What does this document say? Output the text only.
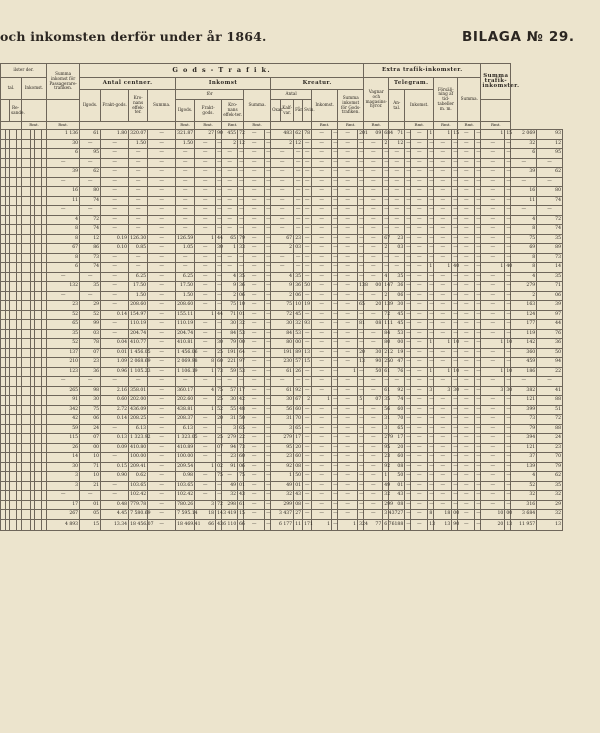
och inkomsten derför under år 1864.	BILAGA № 29.
ilster der.								Summa inkomst för Passagerare-trafiken.	G o d s - T r a f i k.																			Extra trafik-inkomster.										Summa trafik-inkomster.			
tal.				Inkomst.					Antal centner.				Inkomst							Kreatur.								Vagnar och magasins-hyror.		Telegram.				Försälj-ning af tid-tabeller m. m.		Summa.					
									Ilgods.	Frakt-gods.	Kro-nans effek-ter.	Summa.	för					Summa.		Antal				Inkomst.		Summa inkomst för Gods-trafiken.				An-tal.	Inkomst.										
		Re-sande.											Ilgods.	Frakt-gods.		Kro-nans effek-ter.				Oxar.	Kalf-var.	Får.	Svin.																		
				Rmt.				Rmt.					Rmt.	Rmt.		Rmt.		Rmt.						Rmt.		Rmt.		Rmt.			Rmt.			Rmt.		Rmt.		Rmt.			
								1 136	61	1.80	320.07	—	321.87	27	90	455	72	—	—	483		62	78	—	—	—	201	09	684	71	—	—	1	1	15	—	—	1	15	2 069	93
								30	—	—	1.50	—	1.50	—	—	2	12	—	—	2		12	—	—	—	—	—	—	2	12	—	—	—	—	—	—	—	—	—	32	12
								6	95	—	—	—	—	—	—	—	—	—	—	—		—	—	—	—	—	—	—	—	—	—	—	—	—	—	—	—	—	—	6	95
								—	—	—	—	—	—	—	—	—	—	—	—	—		—	—	—	—	—	—	—	—	—	—	—	—	—	—	—	—	—	—	—	—
								39	62	—	—	—	—	—	—	—	—	—	—	—		—	—	—	—	—	—	—	—	—	—	—	—	—	—	—	—	—	—	39	62
								—	—	—	—	—	—	—	—	—	—	—	—	—		—	—	—	—	—	—	—	—	—	—	—	—	—	—	—	—	—	—	—	—
								16	80	—	—	—	—	—	—	—	—	—	—	—		—	—	—	—	—	—	—	—	—	—	—	—	—	—	—	—	—	—	16	80
								11	74	—	—	—	—	—	—	—	—	—	—	—		—	—	—	—	—	—	—	—	—	—	—	—	—	—	—	—	—	—	11	74
								—	—	—	—	—	—	—	—	—	—	—	—	—		—	—	—	—	—	—	—	—	—	—	—	—	—	—	—	—	—	—	—	—
								4	72	—	—	—	—	—	—	—	—	—	—	—		—	—	—	—	—	—	—	—	—	—	—	—	—	—	—	—	—	—	4	72
								8	74	—	—	—	—	—	—	—	—	—	—	—		—	—	—	—	—	—	—	—	—	—	—	—	—	—	—	—	—	—	8	74
								8	12	0.19	126.30	—	126.59	1	44	65	79	—	—	67		23	—	—	—	—	—	—	67	23	—	—	—	—	—	—	—	—	—	75	35
								67	86	0.10	0.85	—	1.05	—	30	1	33	—	—	2		03	—	—	—	—	—	—	2	03	—	—	—	—	—	—	—	—	—	69	89
								8	73	—	—	—	—	—	—	—	—	—	—	—		—	—	—	—	—	—	—	—	—	—	—	—	—	—	—	—	—	—	8	73
								6	74	—	—	—	—	—	—	—	—	—	—	—		—	—	—	—	—	—	—	—	—	—	—	1	1	40	—	—	1	40	8	14
								—	—	—	6.25	—	6.25	—	—	4	35	—	—	4		35	—	—	—	—	—	—	4	35	—	—	—	—	—	—	—	—	—	4	35
								132	35	—	17.50	—	17.50	—	—	9	36	—	—	9		36	50	—	—	—	138	00	147	36	—	—	—	—	—	—	—	—	—	279	71
								—	—	—	1.50	—	1.50	—	—	2	06	—	—	2		06	—	—	—	—	—	—	2	06	—	—	—	—	—	—	—	—	—	2	06
								23	29	—	208.60	—	208.60	—	—	75	10	—	—	75		10	19	—	—	—	65	20	139	30	—	—	—	—	—	—	—	—	—	163	39
								52	52	0.14	154.97	—	155.11	1	44	71	01	—	—	72		45	—	—	—	—	—	—	72	45	—	—	—	—	—	—	—	—	—	124	97
								65	99	—	110.19	—	110.19	—	—	30	32	—	—	30		32	93	—	—	—	81	08	111	45	—	—	—	—	—	—	—	—	—	177	44
								35	03	—	204.74	—	204.74	—	—	84	53	—	—	84		53	—	—	—	—	—	—	84	53	—	—	—	—	—	—	—	—	—	119	76
								52	78	0.04	410.77	—	410.81	—	30	79	00	—	—	80		00	—	—	—	—	—	—	80	00	—	—	1	1	10	—	—	1	10	142	36
								137	07	0.01	1 456.05	—	1 456.06	—	25	191	64	—	—	191		89	13	—	—	—	20	30	212	19	—	—	—	—	—	—	—	—	—	360	50
								210	23	1.09	2 068.69	—	2 069.98	8	60	221	97	—	—	230		57	15	—	—	—	13	90	250	47	—	—	—	—	—	—	—	—	—	459	94
								123	36	0.96	1 105.23	—	1 106.19	1	73	59	53	—	—	61		26	—	—	—	1	—	50	61	76	—	—	1	1	10	—	—	1	10	186	22
								—	—	—	—	—	—	—	—	—	—	—	—	—		—	—	—	—	—	—	—	—	—	—	—	—	—	—	—	—	—	—	—	—
								265	98	2.16	358.01	—	360.17	4	75	57	17	—	—	61		92	—	—	—	—	—	—	61	92	—	—	3	3	30	—	—	3	30	382	41
								91	30	0.60	202.00	—	202.60	—	25	30	42	—	—	30		67	2	1	—	—	5	07	35	74	—	—	—	—	—	—	—	—	—	121	88
								342	75	2.72	436.09	—	438.81	1	52	55	48	—	—	56		60	—	—	—	—	—	—	56	60	—	—	—	—	—	—	—	—	—	399	51
								42	06	0.14	208.25	—	208.37	—	20	31	50	—	—	31		70	—	—	—	—	—	—	31	70	—	—	—	—	—	—	—	—	—	73	72
								59	24	—	6.13	—	6.13	—	—	3	65	—	—	3		65	—	—	—	—	—	—	3	65	—	—	—	—	—	—	—	—	—	79	88
								115	07	0.13	1 323.92	—	1 323.05	—	25	279	22	—	—	279		17	—	—	—	—	—	—	279	17	—	—	—	—	—	—	—	—	—	394	24
								26	00	0.09	410.80	—	410.89	—	07	94	73	—	—	95		20	—	—	—	—	—	—	95	20	—	—	—	—	—	—	—	—	—	121	23
								14	10	—	100.00	—	100.00	—	—	23	60	—	—	23		60	—	—	—	—	—	—	23	60	—	—	—	—	—	—	—	—	—	37	70
								30	71	0.15	209.41	—	209.54	1	02	91	06	—	—	92		08	—	—	—	—	—	—	92	08	—	—	—	—	—	—	—	—	—	139	79
								3	10	0.90	0.62	—	0.98	—	75	—	75	—	—	1		50	—	—	—	—	—	—	1	50	—	—	—	—	—	—	—	—	—	4	62
								3	21	—	103.65	—	103.65	—	—	49	01	—	—	49		01	—	—	—	—	—	—	49	01	—	—	—	—	—	—	—	—	—	52	35
								—	—	—	102.42	—	102.42	—	—	32	43	—	—	32		43	—	—	—	—	—	—	32	43	—	—	—	—	—	—	—	—	—	32	32
								17	01	0.48	779.78	—	780.26	3	72	298	61	—	—	299		08	—	—	—	—	—	—	299	08	—	—	—	—	—	—	—	—	—	316	29
								267	05	4.45	7 580.69	—	7 595.14	18	14	3 419	15	—	—	3 437		27	—	—	—	—	—	—	3 437	27	—	—	8	18	00	—	—	10	00	3 684	32
								4 893	15	13.34	18 456.07	—	18 469.41	66	43	6 110	66	—	—	6 177		11	171	1	—	1	324	77	6 761	88	—	—	13	13	90	—	—	20	13	11 957	13
